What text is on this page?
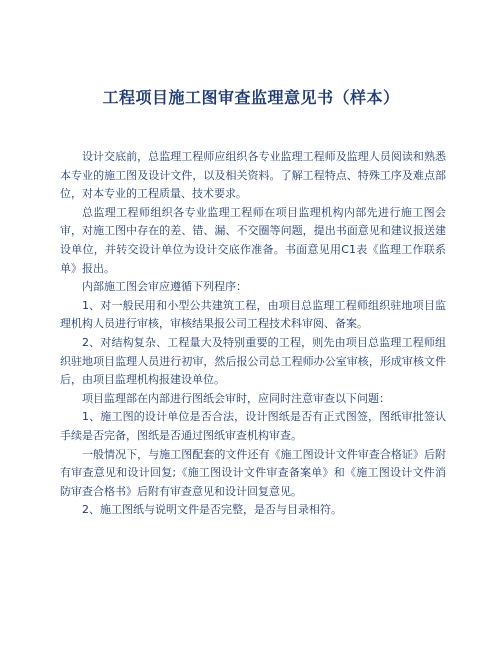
工程项目施工图审查监理意见书（样本）

设计交底前，总监理工程师应组织各专业监理工程师及监理人员阅读和熟悉本专业的施工图及设计文件，以及相关资料。了解工程特点、特殊工序及难点部位，对本专业的工程质量、技术要求。

总监理工程师组织各专业监理工程师在项目监理机构内部先进行施工图会审，对施工图中存在的差、错、漏、不交圈等问题，提出书面意见和建议报送建设单位，并转交设计单位为设计交底作准备。书面意见用C1表《监理工作联系单》报出。

内部施工图会审应遵循下列程序：

1、对一般民用和小型公共建筑工程，由项目总监理工程师组织驻地项目监理机构人员进行审核，审核结果报公司工程技术科审阅、备案。

2、对结构复杂、工程量大及特别重要的工程，则先由项目总监理工程师组织驻地项目监理人员进行初审，然后报公司总工程师办公室审核，形成审核文件后，由项目监理机构报建设单位。

项目监理部在内部进行图纸会审时，应同时注意审查以下问题：

1、施工图的设计单位是否合法，设计图纸是否有正式图签，图纸审批签认手续是否完备，图纸是否通过图纸审查机构审查。

一般情况下，与施工图配套的文件还有《施工图设计文件审查合格证》后附有审查意见和设计回复;《施工图设计文件审查备案单》和《施工图设计文件消防审查合格书》后附有审查意见和设计回复意见。

2、施工图纸与说明文件是否完整，是否与目录相符。
